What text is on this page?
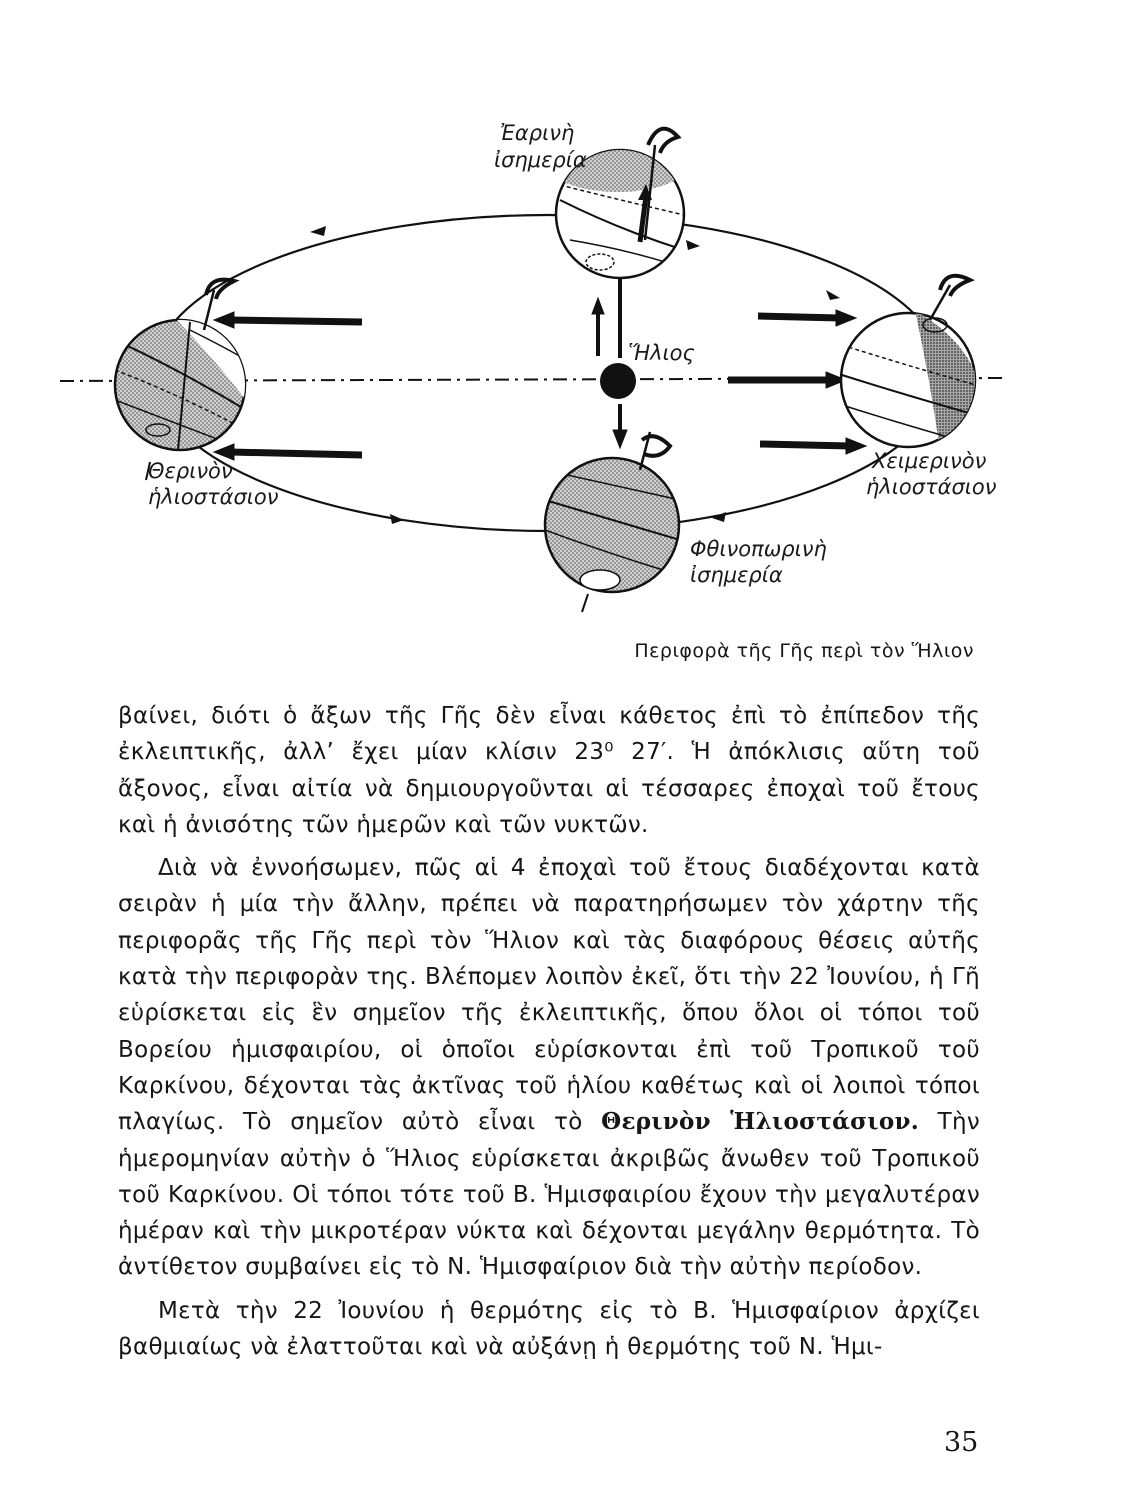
Ἥλιος
Ἐαρινὴ
ἰσημερία
Θερινὸν
ἡλιοστάσιον
Χειμερινὸν
ἡλιοστάσιον
Φθινοπωρινὴ
ἰσημερία
Περιφορὰ τῆς Γῆς περὶ τὸν Ἥλιον

βαίνει, διότι ὁ ἄξων τῆς Γῆς δὲν εἶναι κάθετος ἐπὶ τὸ ἐπίπεδον τῆς ἐκλειπτικῆς, ἀλλ’ ἔχει μίαν κλίσιν 23⁰ 27′. Ἡ ἀπόκλισις αὕτη τοῦ ἄξονος, εἶναι αἰτία νὰ δημιουργοῦνται αἱ τέσσαρες ἐποχαὶ τοῦ ἔτους καὶ ἡ ἀνισότης τῶν ἡμερῶν καὶ τῶν νυκτῶν.

Διὰ νὰ ἐννοήσωμεν, πῶς αἱ 4 ἐποχαὶ τοῦ ἔτους διαδέχονται κατὰ σειρὰν ἡ μία τὴν ἄλλην, πρέπει νὰ παρατηρήσωμεν τὸν χάρτην τῆς περιφορᾶς τῆς Γῆς περὶ τὸν Ἥλιον καὶ τὰς διαφόρους θέσεις αὐτῆς κατὰ τὴν περιφορὰν της. Βλέπομεν λοιπὸν ἐκεῖ, ὅτι τὴν 22 Ἰουνίου, ἡ Γῆ εὑρίσκεται εἰς ἓν σημεῖον τῆς ἐκλειπτικῆς, ὅπου ὅλοι οἱ τόποι τοῦ Βορείου ἡμισφαιρίου, οἱ ὁποῖοι εὑρίσκονται ἐπὶ τοῦ Τροπικοῦ τοῦ Καρκίνου, δέχονται τὰς ἀκτῖνας τοῦ ἡλίου καθέτως καὶ οἱ λοιποὶ τόποι πλαγίως. Τὸ σημεῖον αὐτὸ εἶναι τὸ Θερινὸν Ἡλιοστάσιον. Τὴν ἡμερομηνίαν αὐτὴν ὁ Ἥλιος εὑρίσκεται ἀκριβῶς ἄνωθεν τοῦ Τροπικοῦ τοῦ Καρκίνου. Οἱ τόποι τότε τοῦ Β. Ἡμισφαιρίου ἔχουν τὴν μεγαλυτέραν ἡμέραν καὶ τὴν μικροτέραν νύκτα καὶ δέχονται μεγάλην θερμότητα. Τὸ ἀντίθετον συμβαίνει εἰς τὸ Ν. Ἡμισφαίριον διὰ τὴν αὐτὴν περίοδον.

Μετὰ τὴν 22 Ἰουνίου ἡ θερμότης εἰς τὸ Β. Ἡμισφαίριον ἀρχίζει βαθμιαίως νὰ ἐλαττοῦται καὶ νὰ αὐξάνῃ ἡ θερμότης τοῦ Ν. Ἡμι-

35
